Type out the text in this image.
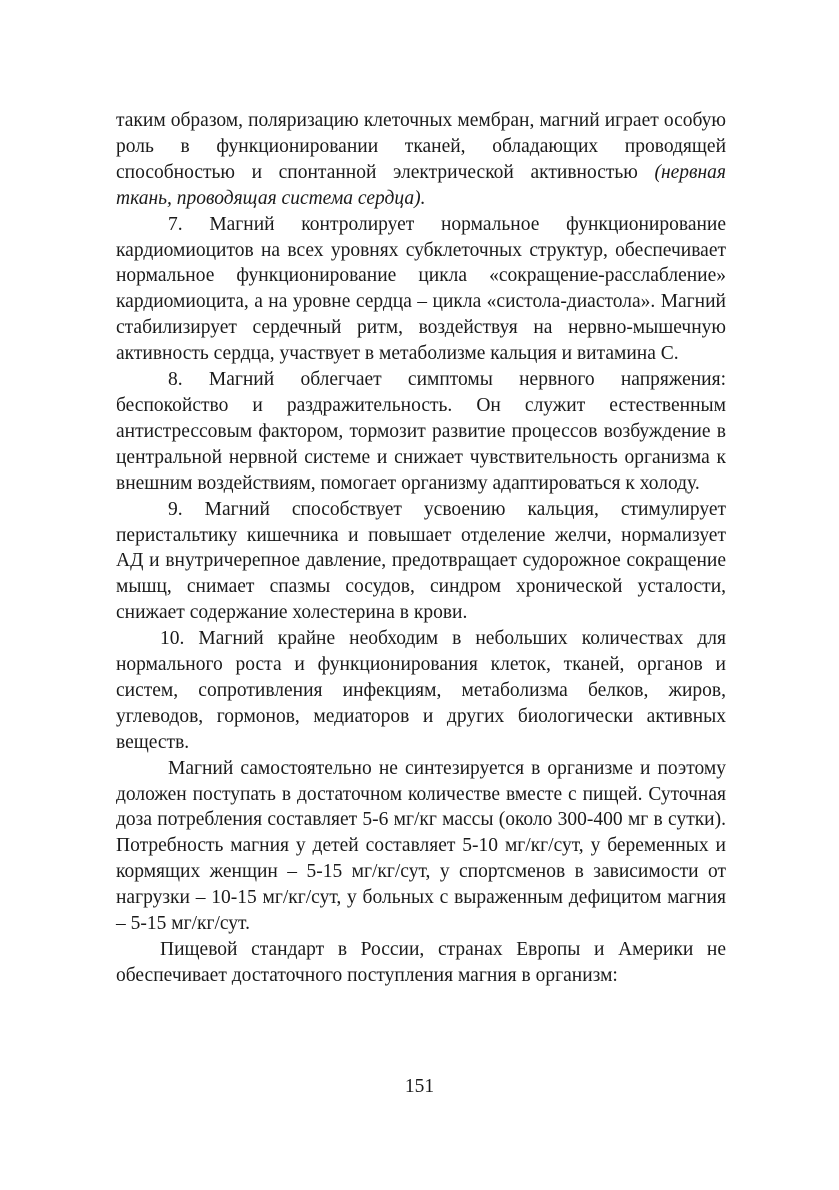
таким образом, поляризацию клеточных мембран, магний играет особую роль в функционировании тканей, обладающих проводящей способностью и спонтанной электрической активностью (нервная ткань, проводящая система сердца).

7. Магний контролирует нормальное функционирование кардиомиоцитов на всех уровнях субклеточных структур, обеспечивает нормальное функционирование цикла «сокращение-расслабление» кардиомиоцита, а на уровне сердца – цикла «систола-диастола». Магний стабилизирует сердечный ритм, воздействуя на нервно-мышечную активность сердца, участвует в метаболизме кальция и витамина С.

8. Магний облегчает симптомы нервного напряжения: беспокойство и раздражительность. Он служит естественным антистрессовым фактором, тормозит развитие процессов возбуждение в центральной нервной системе и снижает чувствительность организма к внешним воздействиям, помогает организму адаптироваться к холоду.

9. Магний способствует усвоению кальция, стимулирует перистальтику кишечника и повышает отделение желчи, нормализует АД и внутричерепное давление, предотвращает судорожное сокращение мышц, снимает спазмы сосудов, синдром хронической усталости, снижает содержание холестерина в крови.

10. Магний крайне необходим в небольших количествах для нормального роста и функционирования клеток, тканей, органов и систем, сопротивления инфекциям, метаболизма белков, жиров, углеводов, гормонов, медиаторов и других биологически активных веществ.

Магний самостоятельно не синтезируется в организме и поэтому доложен поступать в достаточном количестве вместе с пищей. Суточная доза потребления составляет 5-6 мг/кг массы (около 300-400 мг в сутки). Потребность магния у детей составляет 5-10 мг/кг/сут, у беременных и кормящих женщин – 5-15 мг/кг/сут, у спортсменов в зависимости от нагрузки – 10-15 мг/кг/сут, у больных с выраженным дефицитом магния – 5-15 мг/кг/сут.

Пищевой стандарт в России, странах Европы и Америки не обеспечивает достаточного поступления магния в организм:

151
